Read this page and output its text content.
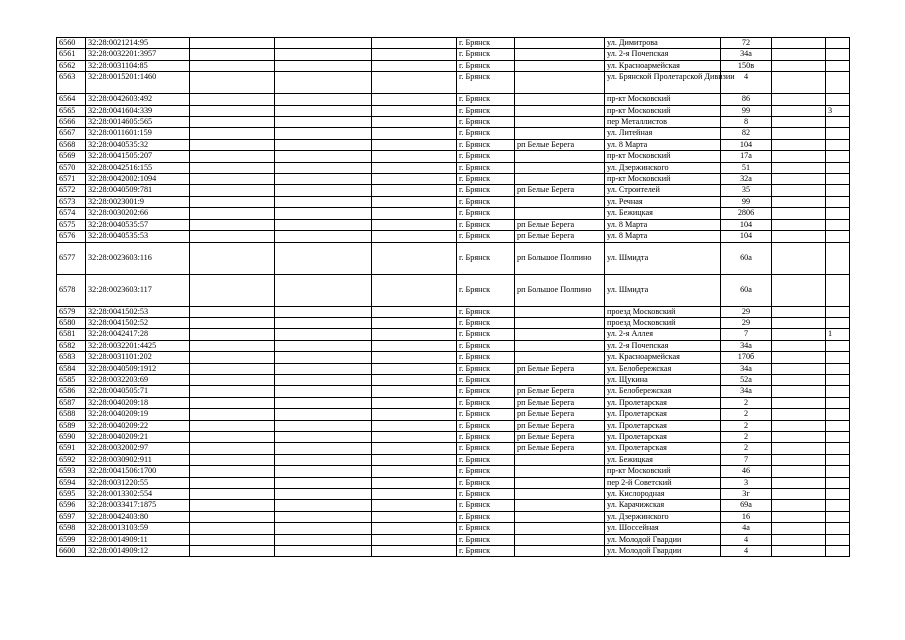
6560	32:28:0021214:95				г. Брянск		ул. Димитрова	72		
6561	32:28:0032201:3957				г. Брянск		ул. 2-я Почепская	34а		
6562	32:28:0031104:85				г. Брянск		ул. Красноармейская	150в		
6563	32:28:0015201:1460				г. Брянск		ул. Брянской Пролетарской Дивизии	4		
6564	32:28:0042603:492				г. Брянск		пр-кт Московский	86		
6565	32:28:0041604:339				г. Брянск		пр-кт Московский	99		3
6566	32:28:0014605:565				г. Брянск		пер Металлистов	8		
6567	32:28:0011601:159				г. Брянск		ул. Литейная	82		
6568	32:28:0040535:32				г. Брянск	рп Белые Берега	ул. 8 Марта	104		
6569	32:28:0041505:207				г. Брянск		пр-кт Московский	17а		
6570	32:28:0042516:155				г. Брянск		ул. Дзержинского	51		
6571	32:28:0042002:1094				г. Брянск		пр-кт Московский	32а		
6572	32:28:0040509:781				г. Брянск	рп Белые Берега	ул. Строителей	35		
6573	32:28:0023001:9				г. Брянск		ул. Речная	99		
6574	32:28:0030202:66				г. Брянск		ул. Бежицкая	2806		
6575	32:28:0040535:57				г. Брянск	рп Белые Берега	ул. 8 Марта	104		
6576	32:28:0040535:53				г. Брянск	рп Белые Берега	ул. 8 Марта	104		
6577	32:28:0023603:116				г. Брянск	рп Большое Полпино	ул. Шмидта	60а		
6578	32:28:0023603:117				г. Брянск	рп Большое Полпино	ул. Шмидта	60а		
6579	32:28:0041502:53				г. Брянск		проезд Московский	29		
6580	32:28:0041502:52				г. Брянск		проезд Московский	29		
6581	32:28:0042417:28				г. Брянск		ул. 2-я Аллея	7		1
6582	32:28:0032201:4425				г. Брянск		ул. 2-я Почепская	34а		
6583	32:28:0031101:202				г. Брянск		ул. Красноармейская	170б		
6584	32:28:0040509:1912				г. Брянск	рп Белые Берега	ул. Белобережская	34а		
6585	32:28:0032203:69				г. Брянск		ул. Щукина	52а		
6586	32:28:0040505:71				г. Брянск	рп Белые Берега	ул. Белобережская	34а		
6587	32:28:0040209:18				г. Брянск	рп Белые Берега	ул. Пролетарская	2		
6588	32:28:0040209:19				г. Брянск	рп Белые Берега	ул. Пролетарская	2		
6589	32:28:0040209:22				г. Брянск	рп Белые Берега	ул. Пролетарская	2		
6590	32:28:0040209:21				г. Брянск	рп Белые Берега	ул. Пролетарская	2		
6591	32:28:0032002:97				г. Брянск	рп Белые Берега	ул. Пролетарская	2		
6592	32:28:0030902:911				г. Брянск		ул. Бежицкая	7		
6593	32:28:0041506:1700				г. Брянск		пр-кт Московский	46		
6594	32:28:0031220:55				г. Брянск		пер 2-й Советский	3		
6595	32:28:0013302:554				г. Брянск		ул. Кислородная	3г		
6596	32:28:0033417:1875				г. Брянск		ул. Карачижская	69а		
6597	32:28:0042403:80				г. Брянск		ул. Дзержинского	16		
6598	32:28:0013103:59				г. Брянск		ул. Шоссейная	4а		
6599	32:28:0014909:11				г. Брянск		ул. Молодой Гвардии	4		
6600	32:28:0014909:12				г. Брянск		ул. Молодой Гвардии	4		
